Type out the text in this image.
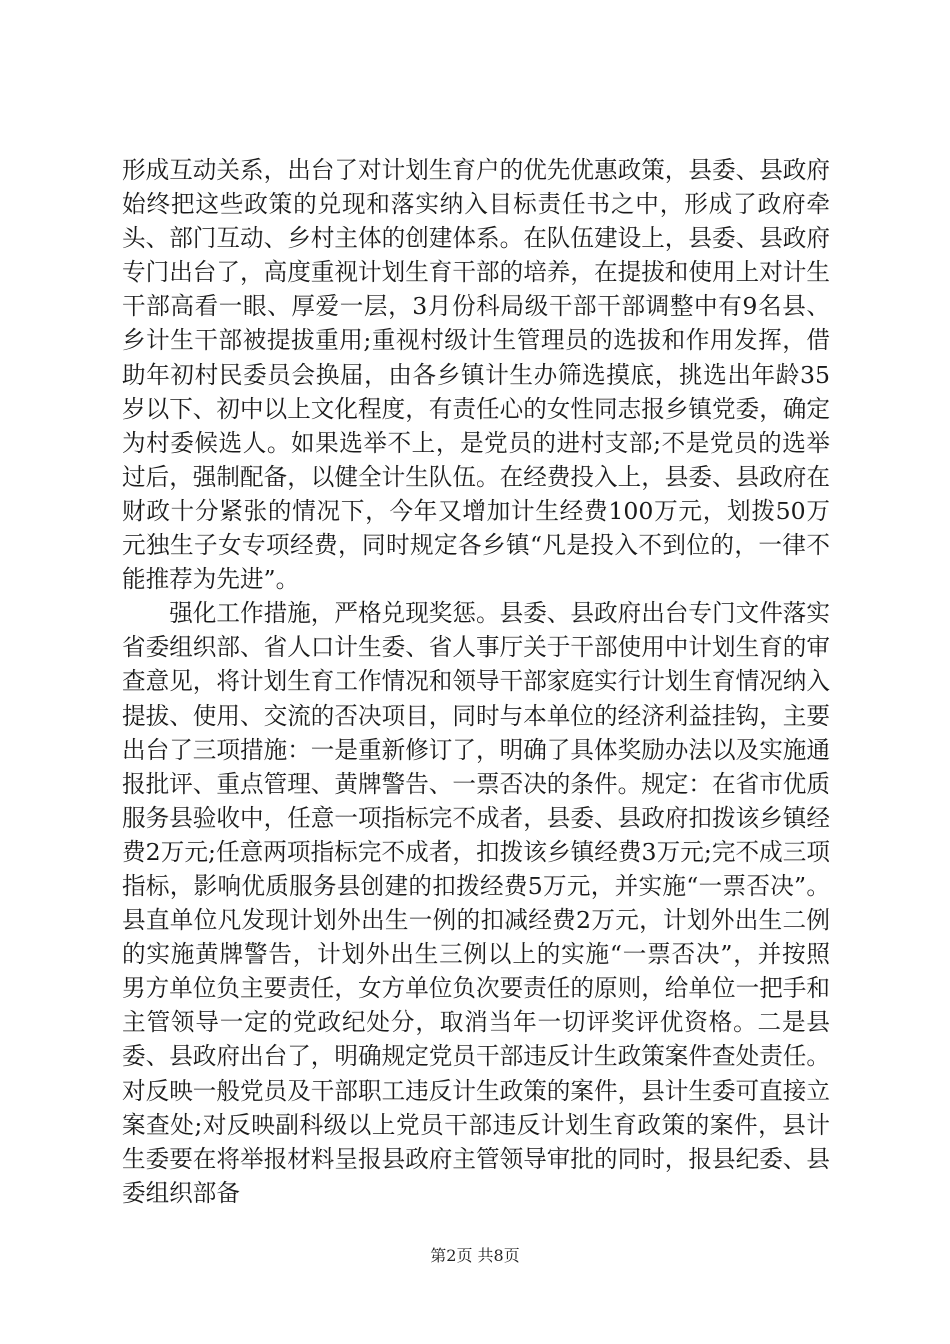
形成互动关系，出台了对计划生育户的优先优惠政策，县委、县政府始终把这些政策的兑现和落实纳入目标责任书之中，形成了政府牵头、部门互动、乡村主体的创建体系。在队伍建设上，县委、县政府专门出台了，高度重视计划生育干部的培养，在提拔和使用上对计生干部高看一眼、厚爱一层，3月份科局级干部干部调整中有9名县、乡计生干部被提拔重用;重视村级计生管理员的选拔和作用发挥，借助年初村民委员会换届，由各乡镇计生办筛选摸底，挑选出年龄35岁以下、初中以上文化程度，有责任心的女性同志报乡镇党委，确定为村委候选人。如果选举不上，是党员的进村支部;不是党员的选举过后，强制配备，以健全计生队伍。在经费投入上，县委、县政府在财政十分紧张的情况下，今年又增加计生经费100万元，划拨50万元独生子女专项经费，同时规定各乡镇“凡是投入不到位的，一律不能推荐为先进”。

强化工作措施，严格兑现奖惩。县委、县政府出台专门文件落实省委组织部、省人口计生委、省人事厅关于干部使用中计划生育的审查意见，将计划生育工作情况和领导干部家庭实行计划生育情况纳入提拔、使用、交流的否决项目，同时与本单位的经济利益挂钩，主要出台了三项措施：一是重新修订了，明确了具体奖励办法以及实施通报批评、重点管理、黄牌警告、一票否决的条件。规定：在省市优质服务县验收中，任意一项指标完不成者，县委、县政府扣拨该乡镇经费2万元;任意两项指标完不成者，扣拨该乡镇经费3万元;完不成三项指标，影响优质服务县创建的扣拨经费5万元，并实施“一票否决”。县直单位凡发现计划外出生一例的扣减经费2万元，计划外出生二例的实施黄牌警告，计划外出生三例以上的实施“一票否决”，并按照男方单位负主要责任，女方单位负次要责任的原则，给单位一把手和主管领导一定的党政纪处分，取消当年一切评奖评优资格。二是县委、县政府出台了，明确规定党员干部违反计生政策案件查处责任。对反映一般党员及干部职工违反计生政策的案件，县计生委可直接立案查处;对反映副科级以上党员干部违反计划生育政策的案件，县计生委要在将举报材料呈报县政府主管领导审批的同时，报县纪委、县委组织部备

第2页 共8页
